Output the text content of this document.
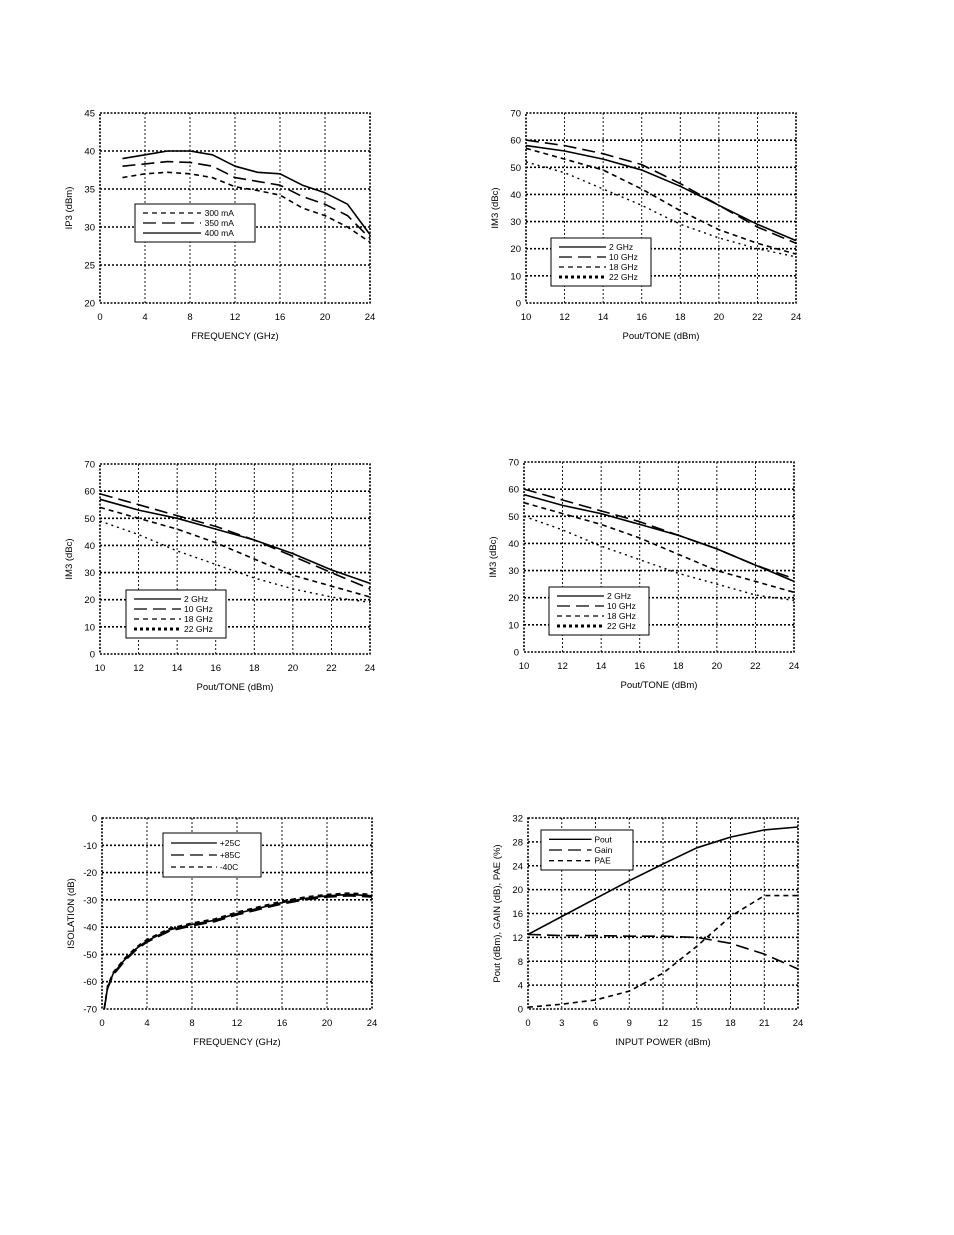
0	4	8	12	16	20	24
20
25
30
35
40
45
FREQUENCY (GHz)
IP3 (dBm)	300 mA
350 mA
400 mA
10	12	14	16	18	20	22	24
0
10
20
30
40
50
60
70
Pout/TONE (dBm)
IM3 (dBc)
2 GHz
10 GHz
18 GHz
22 GHz
10	12	14	16	18	20	22	24
0
10
20
30
40
50
60
70
Pout/TONE (dBm)
IM3 (dBc)
2 GHz
10 GHz
18 GHz
22 GHz
10	12	14	16	18	20	22	24
0
10
20
30
40
50
60
70
Pout/TONE (dBm)
IM3 (dBc)
2 GHz
10 GHz
18 GHz
22 GHz
0	4	8	12	16	20	24
-70
-60
-50
-40
-30
-20
-10
0
FREQUENCY (GHz)
ISOLATION (dB)
+25C
+85C
-40C
0	3	6	9	12 15 18 21 24
0
4
8
12
16
20
24
28
32
INPUT POWER (dBm)
Pout (dBm), GAIN (dB), PAE (%)
Pout
Gain
PAE
